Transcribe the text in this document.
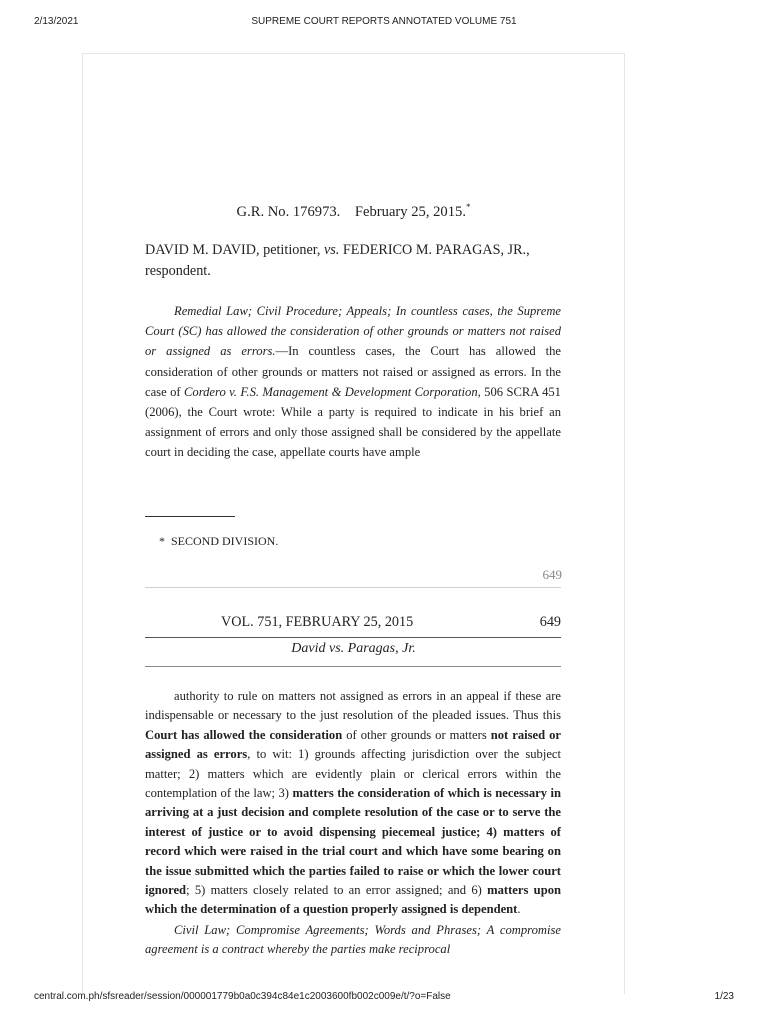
2/13/2021	SUPREME COURT REPORTS ANNOTATED VOLUME 751
G.R. No. 176973. February 25, 2015.*
DAVID M. DAVID, petitioner, vs. FEDERICO M. PARAGAS, JR., respondent.

Remedial Law; Civil Procedure; Appeals; In countless cases, the Supreme Court (SC) has allowed the consideration of other grounds or matters not raised or assigned as errors.—In countless cases, the Court has allowed the consideration of other grounds or matters not raised or assigned as errors. In the case of Cordero v. F.S. Management & Development Corporation, 506 SCRA 451 (2006), the Court wrote: While a party is required to indicate in his brief an assignment of errors and only those assigned shall be considered by the appellate court in deciding the case, appellate courts have ample

* SECOND DIVISION.
649
VOL. 751, FEBRUARY 25, 2015	649
David vs. Paragas, Jr.

authority to rule on matters not assigned as errors in an appeal if these are indispensable or necessary to the just resolution of the pleaded issues. Thus this Court has allowed the consideration of other grounds or matters not raised or assigned as errors, to wit: 1) grounds affecting jurisdiction over the subject matter; 2) matters which are evidently plain or clerical errors within the contemplation of the law; 3) matters the consideration of which is necessary in arriving at a just decision and complete resolution of the case or to serve the interest of justice or to avoid dispensing piecemeal justice; 4) matters of record which were raised in the trial court and which have some bearing on the issue submitted which the parties failed to raise or which the lower court ignored; 5) matters closely related to an error assigned; and 6) matters upon which the determination of a question properly assigned is dependent.

Civil Law; Compromise Agreements; Words and Phrases; A compromise agreement is a contract whereby the parties make reciprocal

central.com.ph/sfsreader/session/000001779b0a0c394c84e1c2003600fb002c009e/t/?o=False	1/23
